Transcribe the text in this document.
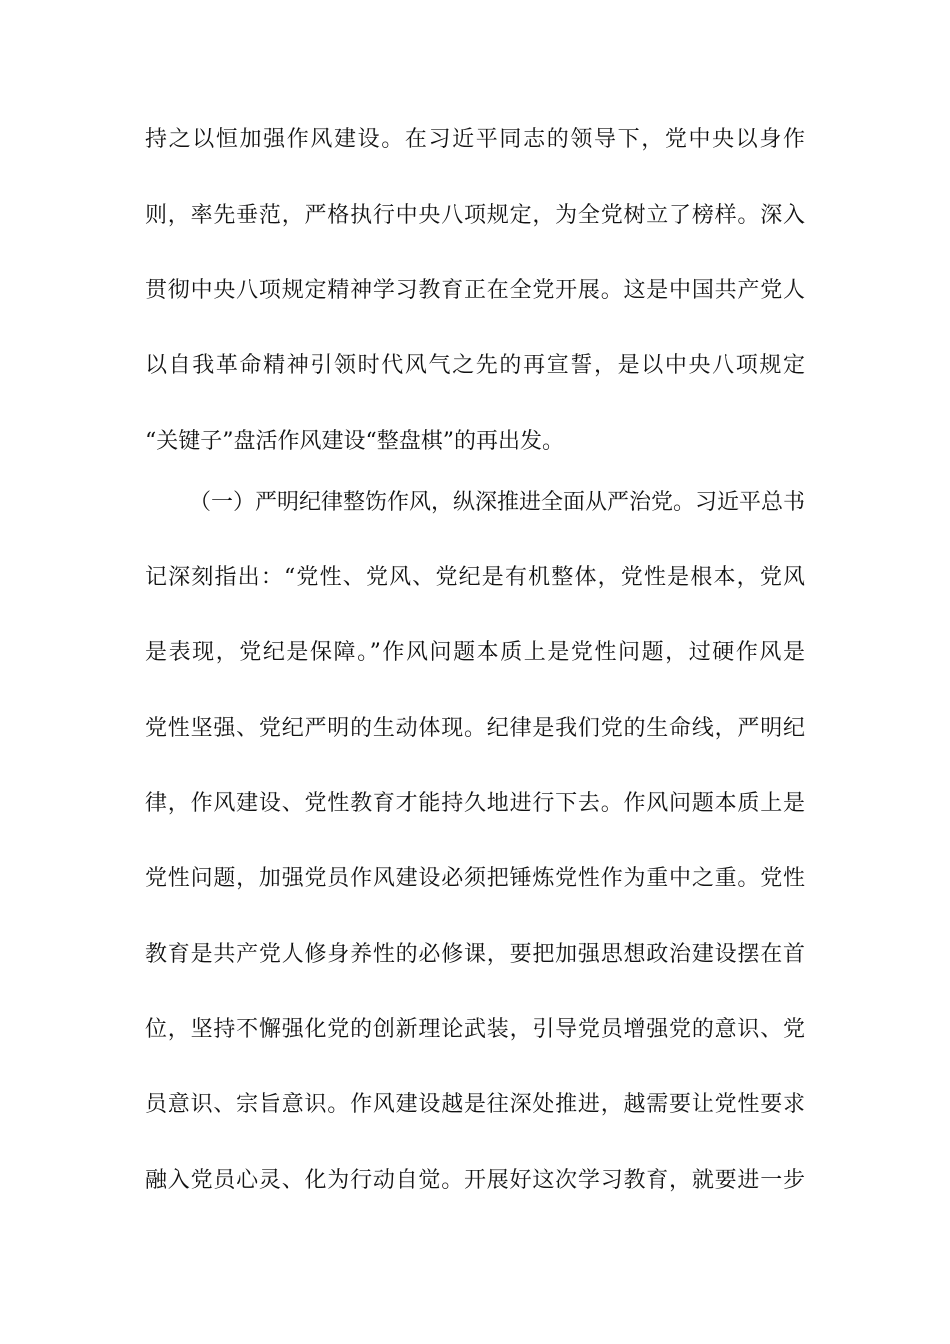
持之以恒加强作风建设。在习近平同志的领导下，党中央以身作
则，率先垂范，严格执行中央八项规定，为全党树立了榜样。深入
贯彻中央八项规定精神学习教育正在全党开展。这是中国共产党人
以自我革命精神引领时代风气之先的再宣誓，是以中央八项规定
“关键子”盘活作风建设“整盘棋”的再出发。
（一）严明纪律整饬作风，纵深推进全面从严治党。习近平总书
记深刻指出：“党性、党风、党纪是有机整体，党性是根本，党风
是表现，党纪是保障。”作风问题本质上是党性问题，过硬作风是
党性坚强、党纪严明的生动体现。纪律是我们党的生命线，严明纪
律，作风建设、党性教育才能持久地进行下去。作风问题本质上是
党性问题，加强党员作风建设必须把锤炼党性作为重中之重。党性
教育是共产党人修身养性的必修课，要把加强思想政治建设摆在首
位，坚持不懈强化党的创新理论武装，引导党员增强党的意识、党
员意识、宗旨意识。作风建设越是往深处推进，越需要让党性要求
融入党员心灵、化为行动自觉。开展好这次学习教育，就要进一步
